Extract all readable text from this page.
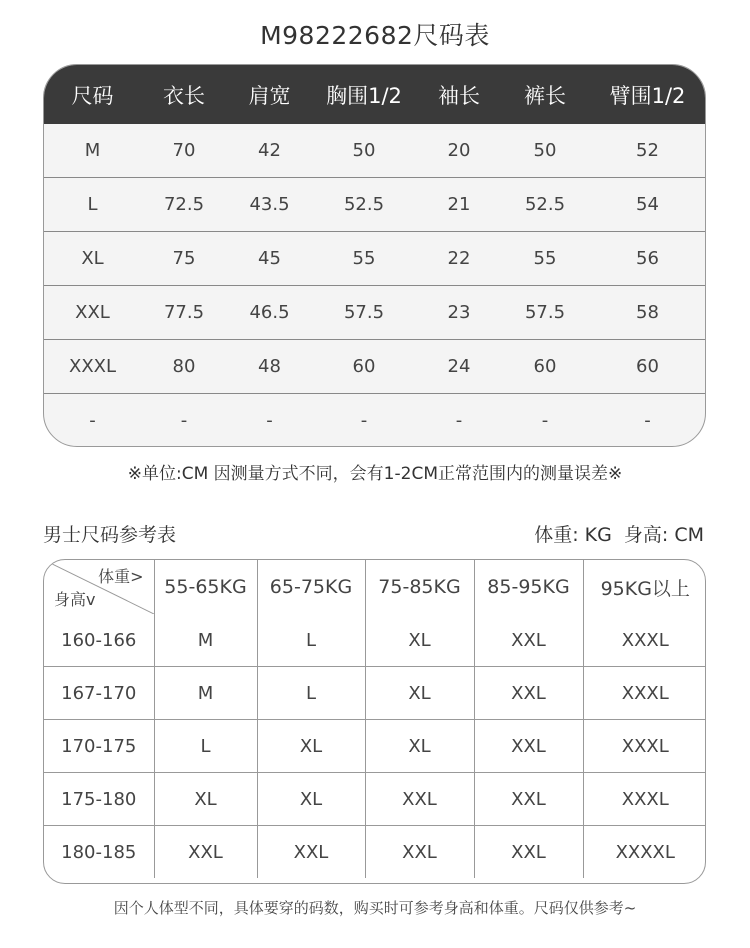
M98222682尺码表
尺码	衣长	肩宽	胸围1/2	袖长	裤长	臂围1/2
M	70	42	50	20	50	52
L	72.5	43.5	52.5	21	52.5	54
XL	75	45	55	22	55	56
XXL	77.5	46.5	57.5	23	57.5	58
XXXL	80	48	60	24	60	60
-	-	-	-	-	-	-
※单位:CM 因测量方式不同，会有1-2CM正常范围内的测量误差※
男士尺码参考表	体重: KG  身高: CM
体重>
身高v	55-65KG	65-75KG	75-85KG	85-95KG	95KG以上
160-166	M	L	XL	XXL	XXXL
167-170	M	L	XL	XXL	XXXL
170-175	L	XL	XL	XXL	XXXL
175-180	XL	XL	XXL	XXL	XXXL
180-185	XXL	XXL	XXL	XXL	XXXXL
因个人体型不同，具体要穿的码数，购买时可参考身高和体重。尺码仅供参考~
